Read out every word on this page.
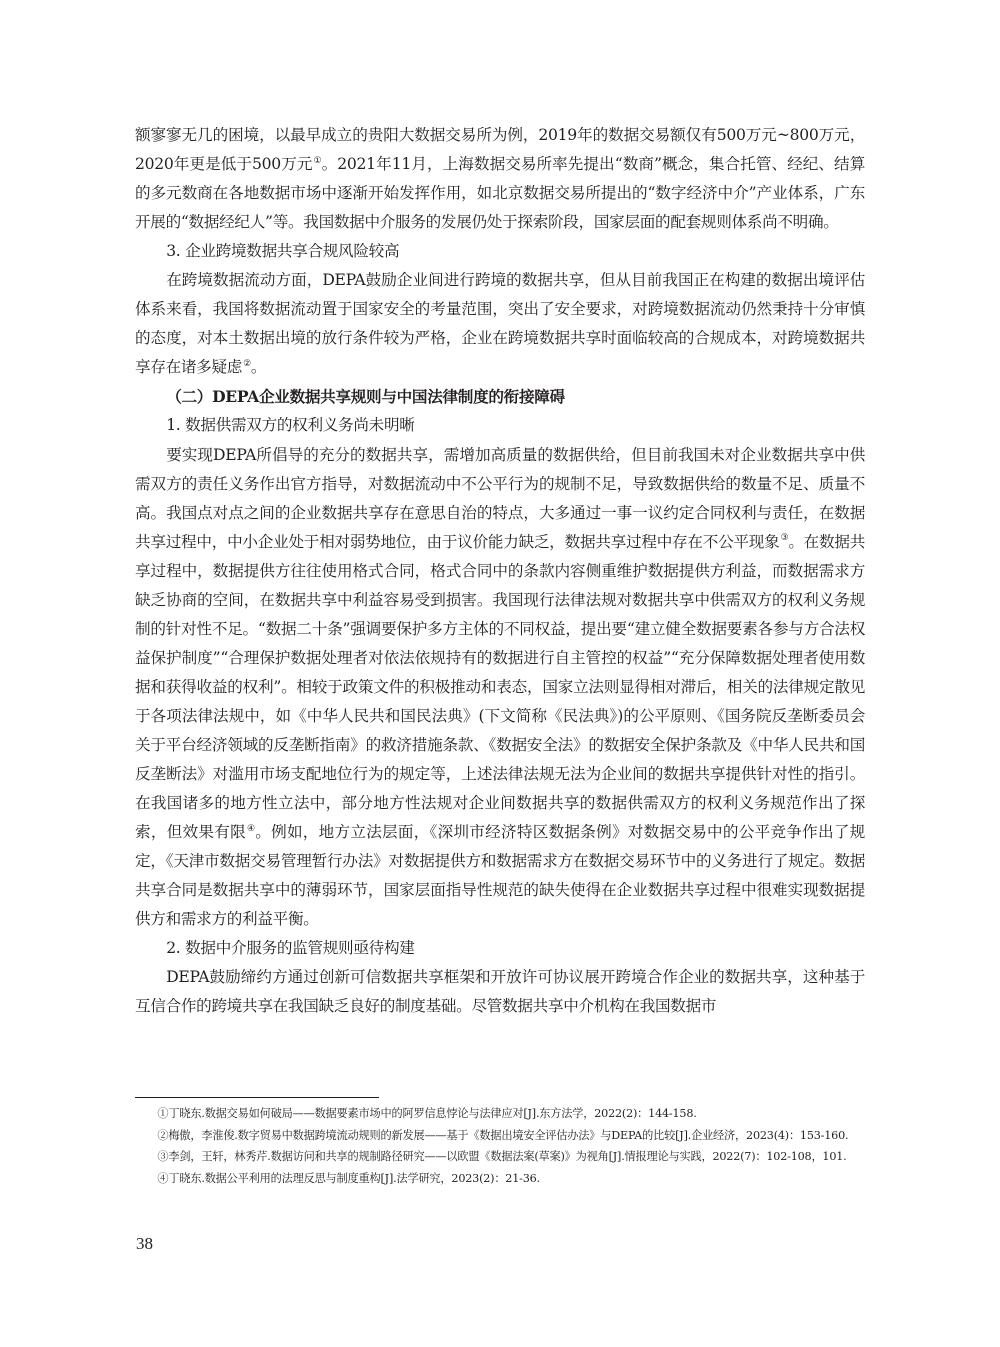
额寥寥无几的困境，以最早成立的贵阳大数据交易所为例，2019年的数据交易额仅有500万元~800万元，2020年更是低于500万元①。2021年11月，上海数据交易所率先提出“数商”概念，集合托管、经纪、结算的多元数商在各地数据市场中逐渐开始发挥作用，如北京数据交易所提出的“数字经济中介”产业体系，广东开展的“数据经纪人”等。我国数据中介服务的发展仍处于探索阶段，国家层面的配套规则体系尚不明确。

3. 企业跨境数据共享合规风险较高

在跨境数据流动方面，DEPA鼓励企业间进行跨境的数据共享，但从目前我国正在构建的数据出境评估体系来看，我国将数据流动置于国家安全的考量范围，突出了安全要求，对跨境数据流动仍然秉持十分审慎的态度，对本土数据出境的放行条件较为严格，企业在跨境数据共享时面临较高的合规成本，对跨境数据共享存在诸多疑虑②。

（二）DEPA企业数据共享规则与中国法律制度的衔接障碍

1. 数据供需双方的权利义务尚未明晰

要实现DEPA所倡导的充分的数据共享，需增加高质量的数据供给，但目前我国未对企业数据共享中供需双方的责任义务作出官方指导，对数据流动中不公平行为的规制不足，导致数据供给的数量不足、质量不高。我国点对点之间的企业数据共享存在意思自治的特点，大多通过一事一议约定合同权利与责任，在数据共享过程中，中小企业处于相对弱势地位，由于议价能力缺乏，数据共享过程中存在不公平现象③。在数据共享过程中，数据提供方往往使用格式合同，格式合同中的条款内容侧重维护数据提供方利益，而数据需求方缺乏协商的空间，在数据共享中利益容易受到损害。我国现行法律法规对数据共享中供需双方的权利义务规制的针对性不足。“数据二十条”强调要保护多方主体的不同权益，提出要“建立健全数据要素各参与方合法权益保护制度”“合理保护数据处理者对依法依规持有的数据进行自主管控的权益”“充分保障数据处理者使用数据和获得收益的权利”。相较于政策文件的积极推动和表态，国家立法则显得相对滞后，相关的法律规定散见于各项法律法规中，如《中华人民共和国民法典》(下文简称《民法典》)的公平原则、《国务院反垄断委员会关于平台经济领域的反垄断指南》的救济措施条款、《数据安全法》的数据安全保护条款及《中华人民共和国反垄断法》对滥用市场支配地位行为的规定等，上述法律法规无法为企业间的数据共享提供针对性的指引。在我国诸多的地方性立法中，部分地方性法规对企业间数据共享的数据供需双方的权利义务规范作出了探索，但效果有限④。例如，地方立法层面，《深圳市经济特区数据条例》对数据交易中的公平竞争作出了规定，《天津市数据交易管理暂行办法》对数据提供方和数据需求方在数据交易环节中的义务进行了规定。数据共享合同是数据共享中的薄弱环节，国家层面指导性规范的缺失使得在企业数据共享过程中很难实现数据提供方和需求方的利益平衡。

2. 数据中介服务的监管规则亟待构建

DEPA鼓励缔约方通过创新可信数据共享框架和开放许可协议展开跨境合作企业的数据共享，这种基于互信合作的跨境共享在我国缺乏良好的制度基础。尽管数据共享中介机构在我国数据市

①丁晓东.数据交易如何破局——数据要素市场中的阿罗信息悖论与法律应对[J].东方法学，2022(2)：144-158.

②梅傲，李淮俊.数字贸易中数据跨境流动规则的新发展——基于《数据出境安全评估办法》与DEPA的比较[J].企业经济，2023(4)：153-160.

③李剑，王轩，林秀芹.数据访问和共享的规制路径研究——以欧盟《数据法案(草案)》为视角[J].情报理论与实践，2022(7)：102-108，101.

④丁晓东.数据公平利用的法理反思与制度重构[J].法学研究，2023(2)：21-36.

38
